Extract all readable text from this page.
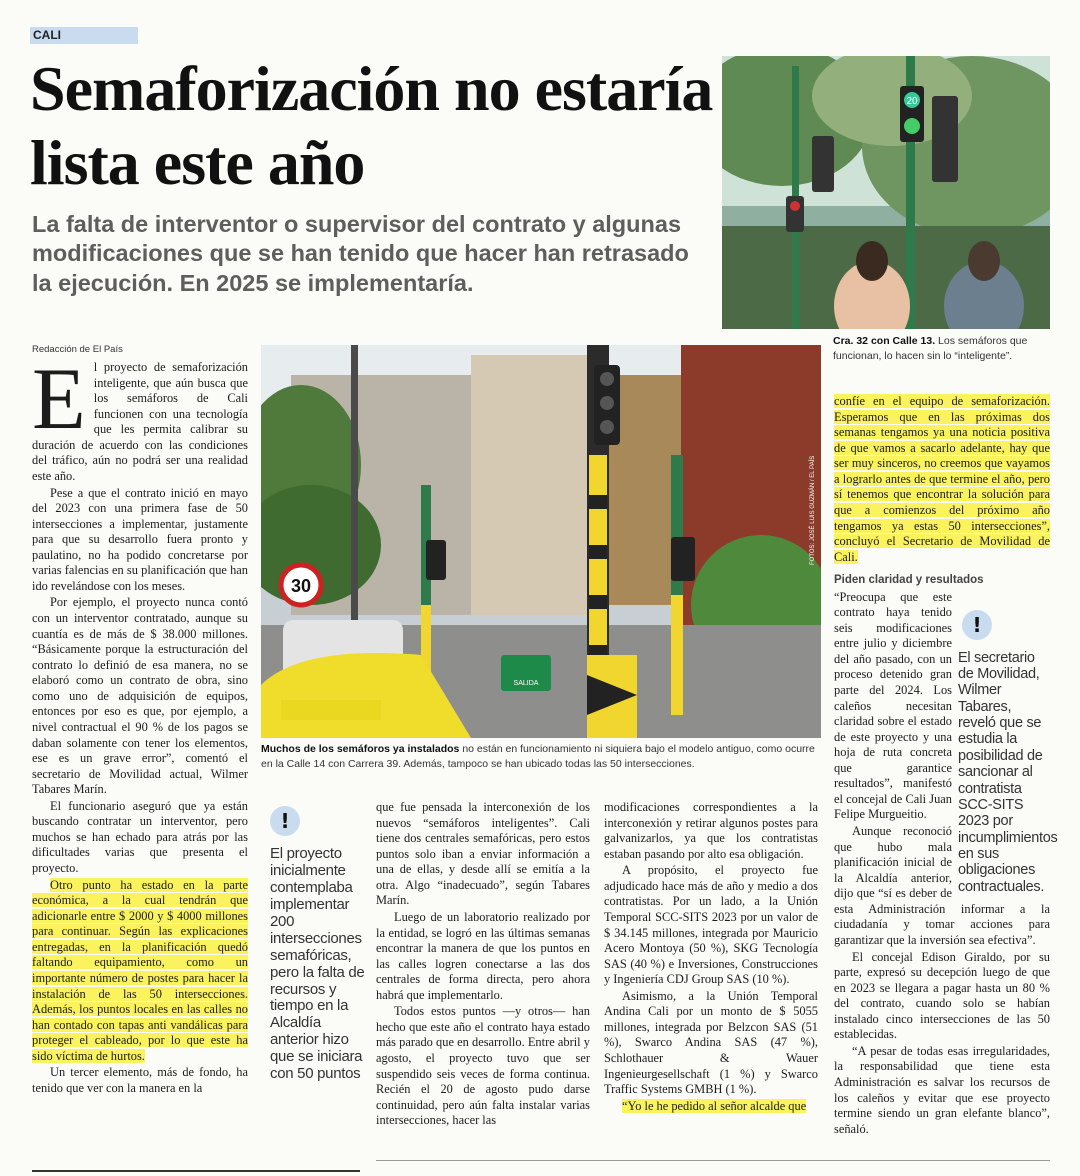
CALI
Semaforización no estaría lista este año
La falta de interventor o supervisor del contrato y algunas modificaciones que se han tenido que hacer han retrasado la ejecución. En 2025 se implementaría.
20
Cra. 32 con Calle 13. Los semáforos que funcionan, lo hacen sin lo “inteligente”.
Redacción de El País
E l proyecto de semaforización inteligente, que aún busca que los semáforos de Cali funcionen con una tecnología que les permita calibrar su duración de acuerdo con las condiciones del tráfico, aún no podrá ser una realidad este año.

Pese a que el contrato inició en mayo del 2023 con una primera fase de 50 intersecciones a implementar, justamente para que su desarrollo fuera pronto y paulatino, no ha podido concretarse por varias falencias en su planificación que han ido revelándose con los meses.

Por ejemplo, el proyecto nunca contó con un interventor contratado, aunque su cuantía es de más de $ 38.000 millones. “Básicamente porque la estructuración del contrato lo definió de esa manera, no se elaboró como un contrato de obra, sino como uno de adquisición de equipos, entonces por eso es que, por ejemplo, a nivel contractual el 90 % de los pagos se daban solamente con tener los elementos, ese es un grave error”, comentó el secretario de Movilidad actual, Wilmer Tabares Marín.

El funcionario aseguró que ya están buscando contratar un interventor, pero muchos se han echado para atrás por las dificultades varias que presenta el proyecto.

Otro punto ha estado en la parte económica, a la cual tendrán que adicionarle entre $ 2000 y $ 4000 millones para continuar. Según las explicaciones entregadas, en la planificación quedó faltando equipamiento, como un importante número de postes para hacer la instalación de las 50 intersecciones. Además, los puntos locales en las calles no han contado con tapas anti vandálicas para proteger el cableado, por lo que este ha sido víctima de hurtos.

Un tercer elemento, más de fondo, ha tenido que ver con la manera en la

30
SALIDA
FOTOS: JOSÉ LUIS GUZMÁN / EL PAÍS
Muchos de los semáforos ya instalados no están en funcionamiento ni siquiera bajo el modelo antiguo, como ocurre en la Calle 14 con Carrera 39. Además, tampoco se han ubicado todas las 50 intersecciones.
!
El proyecto inicialmente contemplaba implementar 200 intersecciones semafóricas, pero la falta de recursos y tiempo en la Alcaldía anterior hizo que se iniciara con 50 puntos

que fue pensada la interconexión de los nuevos “semáforos inteligentes”. Cali tiene dos centrales semafóricas, pero estos puntos solo iban a enviar información a una de ellas, y desde allí se emitía a la otra. Algo “inadecuado”, según Tabares Marín.

Luego de un laboratorio realizado por la entidad, se logró en las últimas semanas encontrar la manera de que los puntos en las calles logren conectarse a las dos centrales de forma directa, pero ahora habrá que implementarlo.

Todos estos puntos —y otros— han hecho que este año el contrato haya estado más parado que en desarrollo. Entre abril y agosto, el proyecto tuvo que ser suspendido seis veces de forma continua. Recién el 20 de agosto pudo darse continuidad, pero aún falta instalar varias intersecciones, hacer las

modificaciones correspondientes a la interconexión y retirar algunos postes para galvanizarlos, ya que los contratistas estaban pasando por alto esa obligación.

A propósito, el proyecto fue adjudicado hace más de año y medio a dos contratistas. Por un lado, a la Unión Temporal SCC-SITS 2023 por un valor de $ 34.145 millones, integrada por Mauricio Acero Montoya (50 %), SKG Tecnología SAS (40 %) e Inversiones, Construcciones y Ingeniería CDJ Group SAS (10 %).

Asimismo, a la Unión Temporal Andina Cali por un monto de $ 5055 millones, integrada por Belzcon SAS (51 %), Swarco Andina SAS (47 %), Schlothauer & Wauer Ingenieurgesellschaft (1 %) y Swarco Traffic Systems GMBH (1 %).

“Yo le he pedido al señor alcalde que

confíe en el equipo de semaforización. Esperamos que en las próximas dos semanas tengamos ya una noticia positiva de que vamos a sacarlo adelante, hay que ser muy sinceros, no creemos que vayamos a lograrlo antes de que termine el año, pero sí tenemos que encontrar la solución para que a comienzos del próximo año tengamos ya estas 50 intersecciones”, concluyó el Secretario de Movilidad de Cali.

Piden claridad y resultados
!
El secretario de Movilidad, Wilmer Tabares, reveló que se estudia la posibilidad de sancionar al contratista SCC-SITS 2023 por incumplimientos en sus obligaciones contractuales.

“Preocupa que este contrato haya tenido seis modificaciones entre julio y diciembre del año pasado, con un proceso detenido gran parte del 2024. Los caleños necesitan claridad sobre el estado de este proyecto y una hoja de ruta concreta que garantice resultados”, manifestó el concejal de Cali Juan Felipe Murgueitio.

Aunque reconoció que hubo mala planificación inicial de la Alcaldía anterior, dijo que “sí es deber de esta Administración informar a la ciudadanía y tomar acciones para garantizar que la inversión sea efectiva”.

El concejal Edison Giraldo, por su parte, expresó su decepción luego de que en 2023 se llegara a pagar hasta un 80 % del contrato, cuando solo se habían instalado cinco intersecciones de las 50 establecidas.

“A pesar de todas esas irregularidades, la responsabilidad que tiene esta Administración es salvar los recursos de los caleños y evitar que ese proyecto termine siendo un gran elefante blanco”, señaló.
